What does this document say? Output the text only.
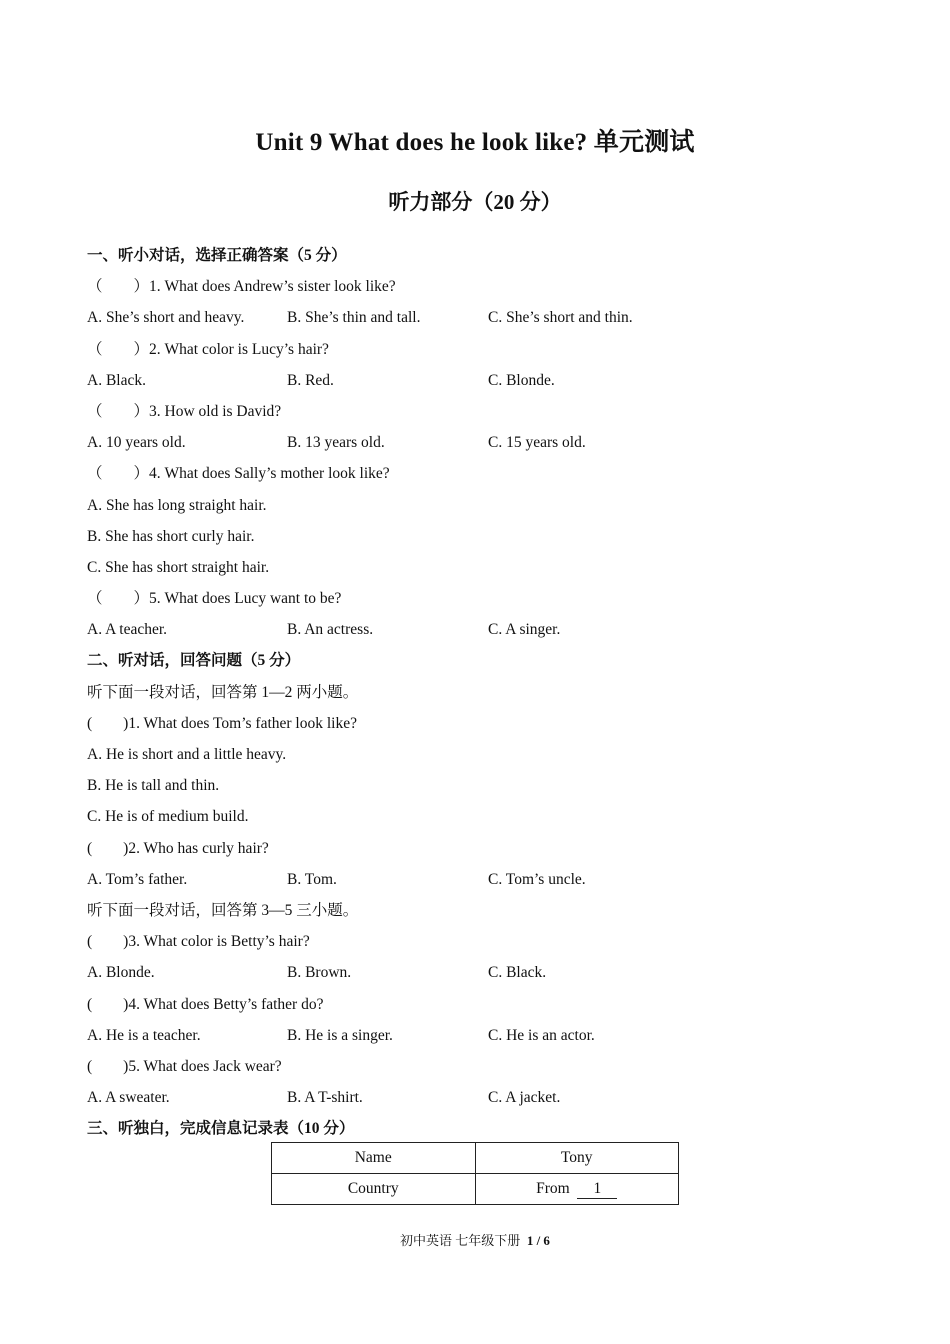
Unit 9 What does he look like? 单元测试
听力部分（20 分）
一、听小对话，选择正确答案（5 分）
（　　）1. What does Andrew’s sister look like?
A. She’s short and heavy.	B. She’s thin and tall.	C. She’s short and thin.
（　　）2. What color is Lucy’s hair?
A. Black.	B. Red.	C. Blonde.
（　　）3. How old is David?
A. 10 years old.	B. 13 years old.	C. 15 years old.
（　　）4. What does Sally’s mother look like?
A. She has long straight hair.
B. She has short curly hair.
C. She has short straight hair.
（　　）5. What does Lucy want to be?
A. A teacher.	B. An actress.	C. A singer.
二、听对话，回答问题（5 分）
听下面一段对话，回答第 1—2 两小题。
(　　)1. What does Tom’s father look like?
A. He is short and a little heavy.
B. He is tall and thin.
C. He is of medium build.
(　　)2. Who has curly hair?
A. Tom’s father.	B. Tom.	C. Tom’s uncle.
听下面一段对话，回答第 3—5 三小题。
(　　)3. What color is Betty’s hair?
A. Blonde.	B. Brown.	C. Black.
(　　)4. What does Betty’s father do?
A. He is a teacher.	B. He is a singer.	C. He is an actor.
(　　)5. What does Jack wear?
A. A sweater.	B. A T-shirt.	C. A jacket.
三、听独白，完成信息记录表（10 分）
Name	Tony
Country	From 1
初中英语 七年级下册 1 / 6
